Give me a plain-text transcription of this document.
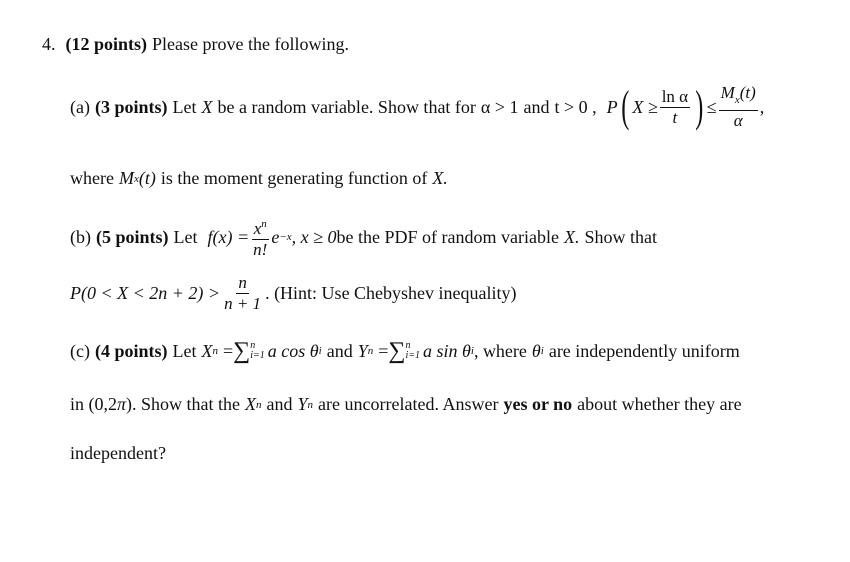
4. (12 points) Please prove the following.
(a) (3 points) Let X be a random variable. Show that for α > 1 and t > 0 , P ( $X \ge \frac{\text{ln α}}{t}$ ) ≤ $\frac{M_x(t)}{\alpha}$ ,
where M x (t) is the moment generating function of X.
(b) (5 points) Let $f(x) = \frac{x^n}{n!}$ e −x , x ≥ 0 be the PDF of random variable X. Show that
$P(0 < X < 2n + 2) > \frac{n}{n + 1}$ . (Hint: Use Chebyshev inequality)
(c) (4 points) Let X n = ∑ n
i=1 a cos θ i and Y n = ∑ n
i=1 a sin θ i , where θ i are independently uniform
in (0,2 π ). Show that the X n and Y n are uncorrelated. Answer yes or no about whether they are
independent?
